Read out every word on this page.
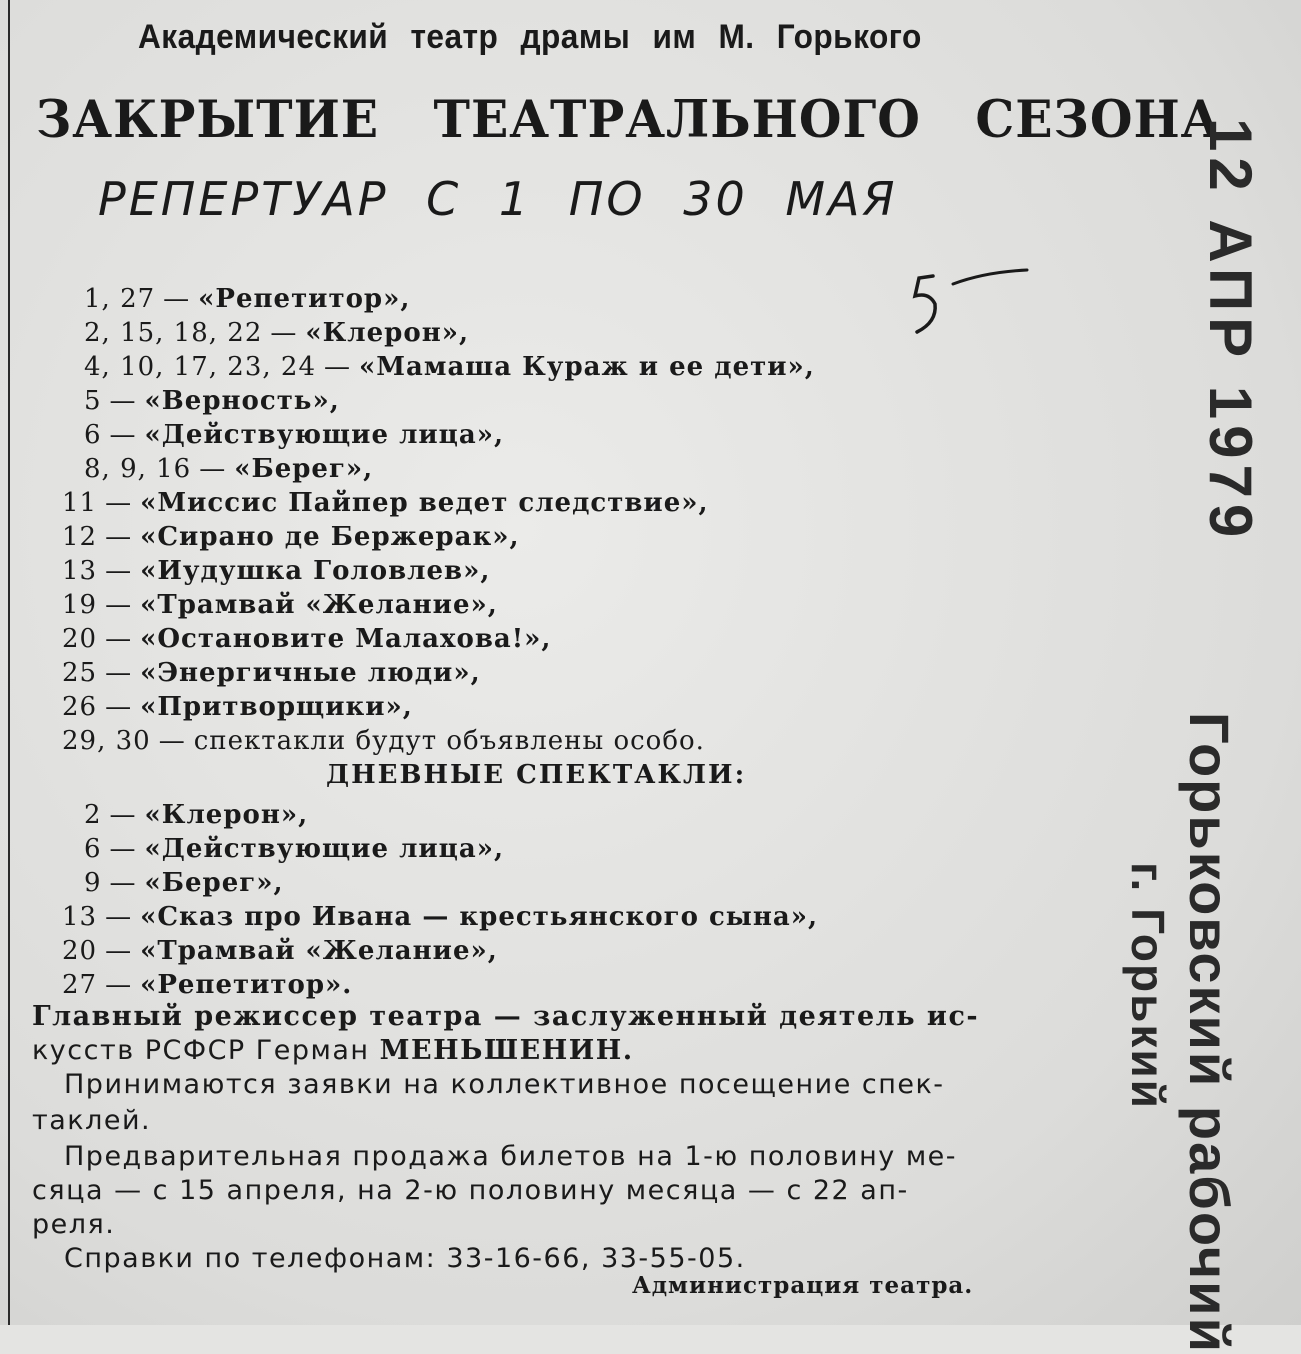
Академический театр драмы им М. Горького
ЗАКРЫТИЕ ТЕАТРАЛЬНОГО СЕЗОНА
РЕПЕРТУАР С 1 ПО 30 МАЯ
1, 27 — «Репетитор»,
2, 15, 18, 22 — «Клерон»,
4, 10, 17, 23, 24 — «Мамаша Кураж и ее дети»,
5 — «Верность»,
6 — «Действующие лица»,
8, 9, 16 — «Берег»,
11 — «Миссис Пайпер ведет следствие»,
12 — «Сирано де Бержерак»,
13 — «Иудушка Головлев»,
19 — «Трамвай «Желание»,
20 — «Остановите Малахова!»,
25 — «Энергичные люди»,
26 — «Притворщики»,
29, 30 — спектакли будут объявлены особо.
ДНЕВНЫЕ СПЕКТАКЛИ:
2 — «Клерон»,
6 — «Действующие лица»,
9 — «Берег»,
13 — «Сказ про Ивана — крестьянского сына»,
20 — «Трамвай «Желание»,
27 — «Репетитор».
Главный режиссер театра — заслуженный деятель ис-
кусств РСФСР Герман МЕНЬШЕНИН.
Принимаются заявки на коллективное посещение спек-
таклей.
Предварительная продажа билетов на 1-ю половину ме-
сяца — с 15 апреля, на 2-ю половину месяца — с 22 ап-
реля.
Справки по телефонам: 33-16-66, 33-55-05.
Администрация театра.
12 АПР 1979
Горьковский рабочий
г. Горький
